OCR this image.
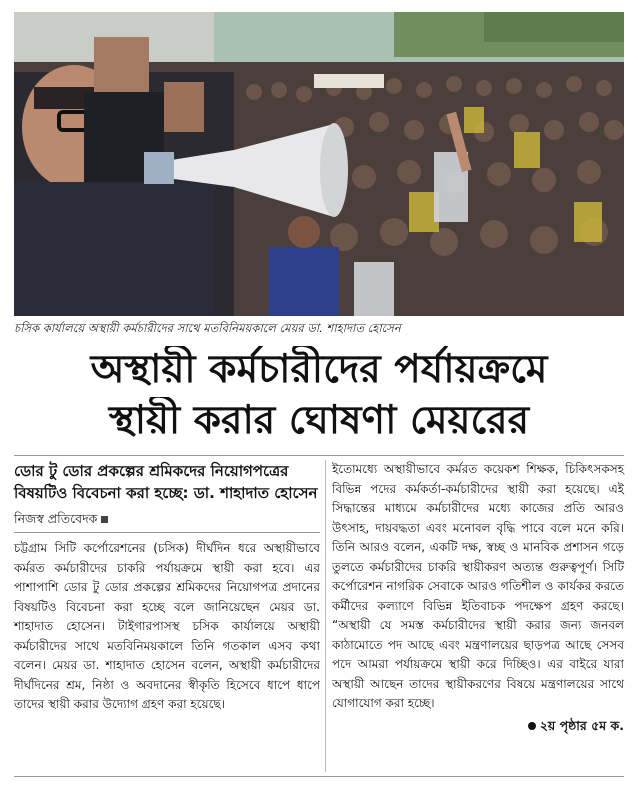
চসিক কার্যালয়ে অস্থায়ী কর্মচারীদের সাথে মতবিনিময়কালে মেয়র ডা. শাহাদাত হোসেন
অস্থায়ী কর্মচারীদের পর্যায়ক্রমে
স্থায়ী করার ঘোষণা মেয়রের

ডোর টু ডোর প্রকল্পের শ্রমিকদের নিয়োগপত্রের বিষয়টিও বিবেচনা করা হচ্ছে: ডা. শাহাদাত হোসেন

নিজস্ব প্রতিবেদক

চট্টগ্রাম সিটি কর্পোরেশনের (চসিক) দীর্ঘদিন ধরে অস্থায়ীভাবে কর্মরত কর্মচারীদের চাকরি পর্যায়ক্রমে স্থায়ী করা হবে। এর পাশাপাশি ডোর টু ডোর প্রকল্পের শ্রমিকদের নিয়োগপত্র প্রদানের বিষয়টিও বিবেচনা করা হচ্ছে বলে জানিয়েছেন মেয়র ডা. শাহাদাত হোসেন। টাইগারপাসস্থ চসিক কার্যালয়ে অস্থায়ী কর্মচারীদের সাথে মতবিনিময়কালে তিনি গতকাল এসব কথা বলেন। মেয়র ডা. শাহাদাত হোসেন বলেন, অস্থায়ী কর্মচারীদের দীর্ঘদিনের শ্রম, নিষ্ঠা ও অবদানের স্বীকৃতি হিসেবে ধাপে ধাপে তাদের স্থায়ী করার উদ্যোগ গ্রহণ করা হয়েছে।

ইতোমধ্যে অস্থায়ীভাবে কর্মরত কয়েকশ শিক্ষক, চিকিৎসকসহ বিভিন্ন পদের কর্মকর্তা-কর্মচারীদের স্থায়ী করা হয়েছে। এই সিদ্ধান্তের মাধ্যমে কর্মচারীদের মধ্যে কাজের প্রতি আরও উৎসাহ, দায়বদ্ধতা এবং মনোবল বৃদ্ধি পাবে বলে মনে করি। তিনি আরও বলেন, একটি দক্ষ, স্বচ্ছ ও মানবিক প্রশাসন গড়ে তুলতে কর্মচারীদের চাকরি স্থায়ীকরণ অত্যন্ত গুরুত্বপূর্ণ। সিটি কর্পোরেশন নাগরিক সেবাকে আরও গতিশীল ও কার্যকর করতে কর্মীদের কল্যাণে বিভিন্ন ইতিবাচক পদক্ষেপ গ্রহণ করছে। “অস্থায়ী যে সমস্ত কর্মচারীদের স্থায়ী করার জন্য জনবল কাঠামোতে পদ আছে এবং মন্ত্রণালয়ের ছাড়পত্র আছে সেসব পদে আমরা পর্যায়ক্রমে স্থায়ী করে দিচ্ছিও। এর বাইরে যারা অস্থায়ী আছেন তাদের স্থায়ীকরণের বিষয়ে মন্ত্রণালয়ের সাথে যোগাযোগ করা হচ্ছে।

২য় পৃষ্ঠার ৫ম ক.
